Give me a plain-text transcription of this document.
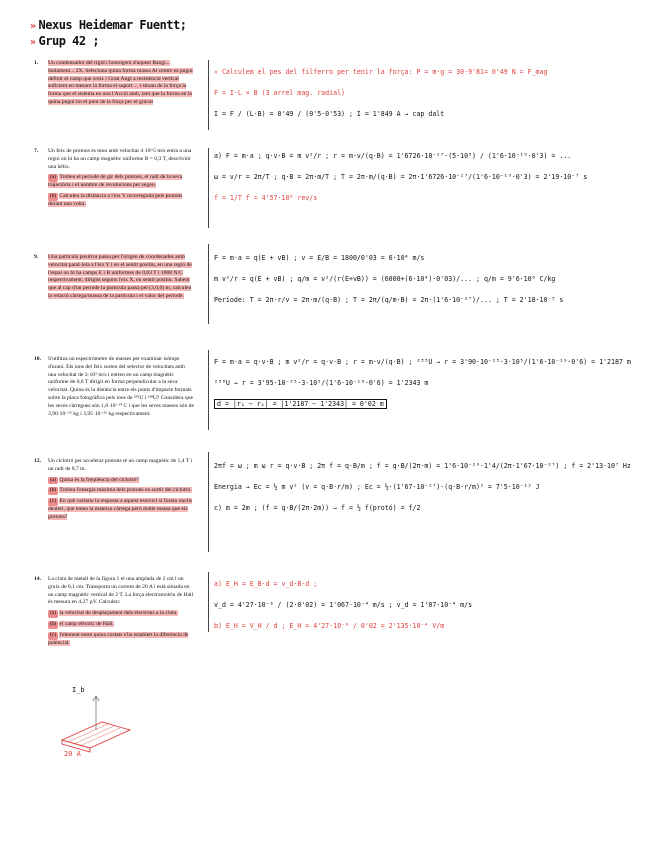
» Nexus Heidemar Fuentt;
» Grup 42 ;
1. Un condensador del rigid i homogeni d'aquest Rangi... Isolament... 2X. Seleciona quina forma massa Al centre es pugui definir el camp que creix i Gran Angl a resistència vertical suficient en mesure la forma el suport ... i situau de la força la forma que el sistema en una l'Acció amb, tant que la forma en la quina pugui tot el punt de la força per el gravat
» Calculem el pes del filferro per tenir la força: P = m·g = 30·9'81= 0'49 N = F_mag
F = I·L × B (3 arrel mag. radial)
I = F / (L·B) = 0'49 / (0'5·0'53) ; I = 1'849 A → cap dalt
7. Un feix de protons es mou amb velocitat 4·10^5 m/s entra a una regió on hi ha un camp magnètic uniforme B = 0,3 T, descrivint una hèlix.
(a) Trobeu el període de gir dels protons, el radi de la seva trajectòria i el nombre de revolucions per segon.
(b) Calculeu la distància a l'eix Y recorreguda pels protons durant una volta.
a) F = m·a ; q·v·B = m v²/r ; r = m·v/(q·B) = 1'6726·10⁻²⁷·(5·10⁵) / (1'6·10⁻¹⁹·0'3) = ...
ω = v/r = 2π/T ; q·B = 2π·m/T ; T = 2π·m/(q·B) = 2π·1'6726·10⁻²⁷/(1'6·10⁻¹⁹·0'3) = 2'19·10⁻⁷ s
f = 1/T f = 4'57·10⁶ rev/s
9. Una partícula positiva passa per l'origen de coordenades amb velocitat paral·lela a l'eix Y i en el sentit positiu, en una regió de l'espai on hi ha camps E i B uniformes de 0,03 T i 1800 N/C respectivament, dirigits segons l'eix X, en sentit positiu. Sabent que al cap d'un període la partícula passa pel (3,0,0) m, calculeu la relació càrrega/massa de la partícula i el valor del període.
F = m·a = q(E + vB) ; v = E/B = 1800/0'03 = 6·10⁴ m/s
m v²/r = q(E + vB) ; q/m = v²/(r(E+vB)) = (6000+(6·10⁴)·0'03)/... ; q/m = 9'6·10⁶ C/kg
Període: T = 2π·r/v = 2π·m/(q·B) ; T = 2π/(q/m·B) = 2π·(1'6·10⁻²⁷)/... ; T = 2'18·10⁻⁵ s
10. S'utilitza un espectròmetre de masses per examinar isòtops d'urani. Els ions del feix surten del selector de velocitats amb una velocitat de 3·10⁵ m/s i entren en un camp magnètic uniforme de 0,6 T dirigit en forma perpendicular a la seva velocitat. Quina és la distància entre els punts d'impacte formats sobre la placa fotogràfica pels ions de ²³⁵U i ²³⁸U? Considera que les seves càrregues són 1,6·10⁻¹⁹ C i que les seves masses són de 3,90·10⁻²⁵ kg i 3,95·10⁻²⁵ kg respectivament.
F = m·a = q·v·B ; m v²/r = q·v·B ; r = m·v/(q·B) ; ²³⁵U → r = 3'90·10⁻²⁵·3·10⁵/(1'6·10⁻¹⁹·0'6) = 1'2187 m
²³⁸U → r = 3'95·10⁻²⁵·3·10⁵/(1'6·10⁻¹⁹·0'6) = 1'2343 m
d = |r₁ − r₂| = |1'2187 − 1'2343| = 0'02 m
12. Un ciclotró per accelerar protons té un camp magnètic de 1,4 T i un radi de 0,7 m.
(a) Quina és la freqüència del ciclotró?
(b) Trobeu l'energia màxima dels protons en sortir del ciclotró.
(c) En què variaria la resposta a aquest exercici si fossin nuclis deuteri, que tenen la mateixa càrrega però doble massa que els protons?
2πf = ω ; m ω r = q·v·B ; 2π f = q·B/m ; f = q·B/(2π·m) = 1'6·10⁻¹⁹·1'4/(2π·1'67·10⁻²⁷) ; f = 2'13·10⁷ Hz
Energia → Ec = ½ m v² (v = q·B·r/m) ; Ec = ½·(1'67·10⁻²⁷)·(q·B·r/m)² = 7'5·10⁻¹² J
c) m = 2m ; (f = q·B/(2π·2m)) → f = ½ f(protó) = f/2
14. La cinta de metall de la figura 1 té una amplada de 2 cm i un gruix de 0,1 cm. Transporta un corrent de 20 A i està situada en un camp magnètic vertical de 2 T. La força electromotriu de Hall és mesura en 4,27 µV. Calculeu:
(a) la velocitat de desplaçament dels electrons a la cinta.
(b) el camp elèctric de Hall.
(c) l'element entre quins costats s'ha establert la diferència de potencial.
a) E_H = E_B·d = v_d·B·d ;
v_d = 4'27·10⁻⁶ / (2·0'02) = 1'067·10⁻⁴ m/s ; v_d = 1'07·10⁻⁴ m/s
b) E_H = V_H / d ; E_H = 4'27·10⁻⁶ / 0'02 = 2'135·10⁻⁴ V/m
I_b
20 A
